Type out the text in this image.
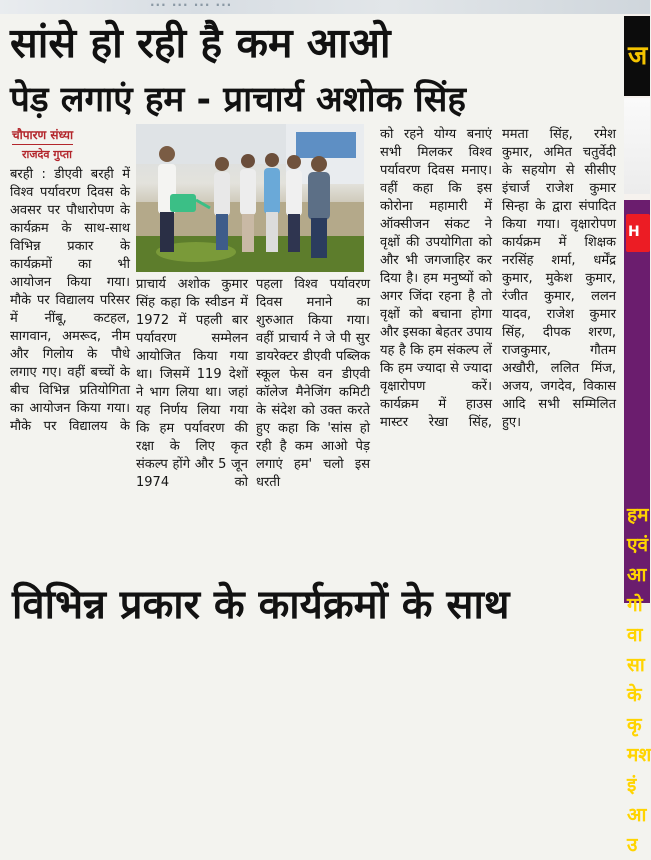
... ... ... ...
सांसे हो रही है कम आओ
पेड़ लगाएं हम - प्राचार्य अशोक सिंह
चौपारण संध्या
राजदेव गुप्ता

बरही : डीएवी बरही में विश्व पर्यावरण दिवस के अवसर पर पौधारोपण के कार्यक्रम के साथ-साथ विभिन्न प्रकार के कार्यक्रमों का भी आयोजन किया गया। मौके पर विद्यालय परिसर में नींबू, कटहल, सागवान, अमरूद, नीम और गिलोय के पौधे लगाए गए। वहीं बच्चों के बीच विभिन्न प्रतियोगिता का आयोजन किया गया। मौके पर विद्यालय के

प्राचार्य अशोक कुमार सिंह कहा कि स्वीडन में 1972 में पहली बार पर्यावरण सम्मेलन आयोजित किया गया था। जिसमें 119 देशों ने भाग लिया था। जहां यह निर्णय लिया गया कि हम पर्यावरण की रक्षा के लिए कृत संकल्प होंगे और 5 जून 1974 को

पहला विश्व पर्यावरण दिवस मनाने का शुरुआत किया गया। वहीं प्राचार्य ने जे पी सुर डायरेक्टर डीएवी पब्लिक स्कूल फेस वन डीएवी कॉलेज मैनेजिंग कमिटी के संदेश को उक्त करते हुए कहा कि 'सांस हो रही है कम आओ पेड़ लगाएं हम' चलो इस धरती

को रहने योग्य बनाएं सभी मिलकर विश्व पर्यावरण दिवस मनाए। वहीं कहा कि इस कोरोना महामारी में ऑक्सीजन संकट ने वृक्षों की उपयोगिता को और भी जगजाहिर कर दिया है। हम मनुष्यों को अगर जिंदा रहना है तो वृक्षों को बचाना होगा और इसका बेहतर उपाय यह है कि हम संकल्प लें कि हम ज्यादा से ज्यादा वृक्षारोपण करें। कार्यक्रम में हाउस मास्टर रेखा सिंह,

ममता सिंह, रमेश कुमार, अमित चतुर्वेदी के सहयोग से सीसीए इंचार्ज राजेश कुमार सिन्हा के द्वारा संपादित किया गया। वृक्षारोपण कार्यक्रम में शिक्षक नरसिंह शर्मा, धर्मेंद्र कुमार, मुकेश कुमार, रंजीत कुमार, ललन यादव, राजेश कुमार सिंह, दीपक शरण, राजकुमार, गौतम अखौरी, ललित मिंज, अजय, जगदेव, विकास आदि सभी सम्मिलित हुए।

ज
हम
एवं
आ
गो
वा
सा
के
कृ
मश
इं
आ
उ
H
विभिन्न प्रकार के कार्यक्रमों के साथ
